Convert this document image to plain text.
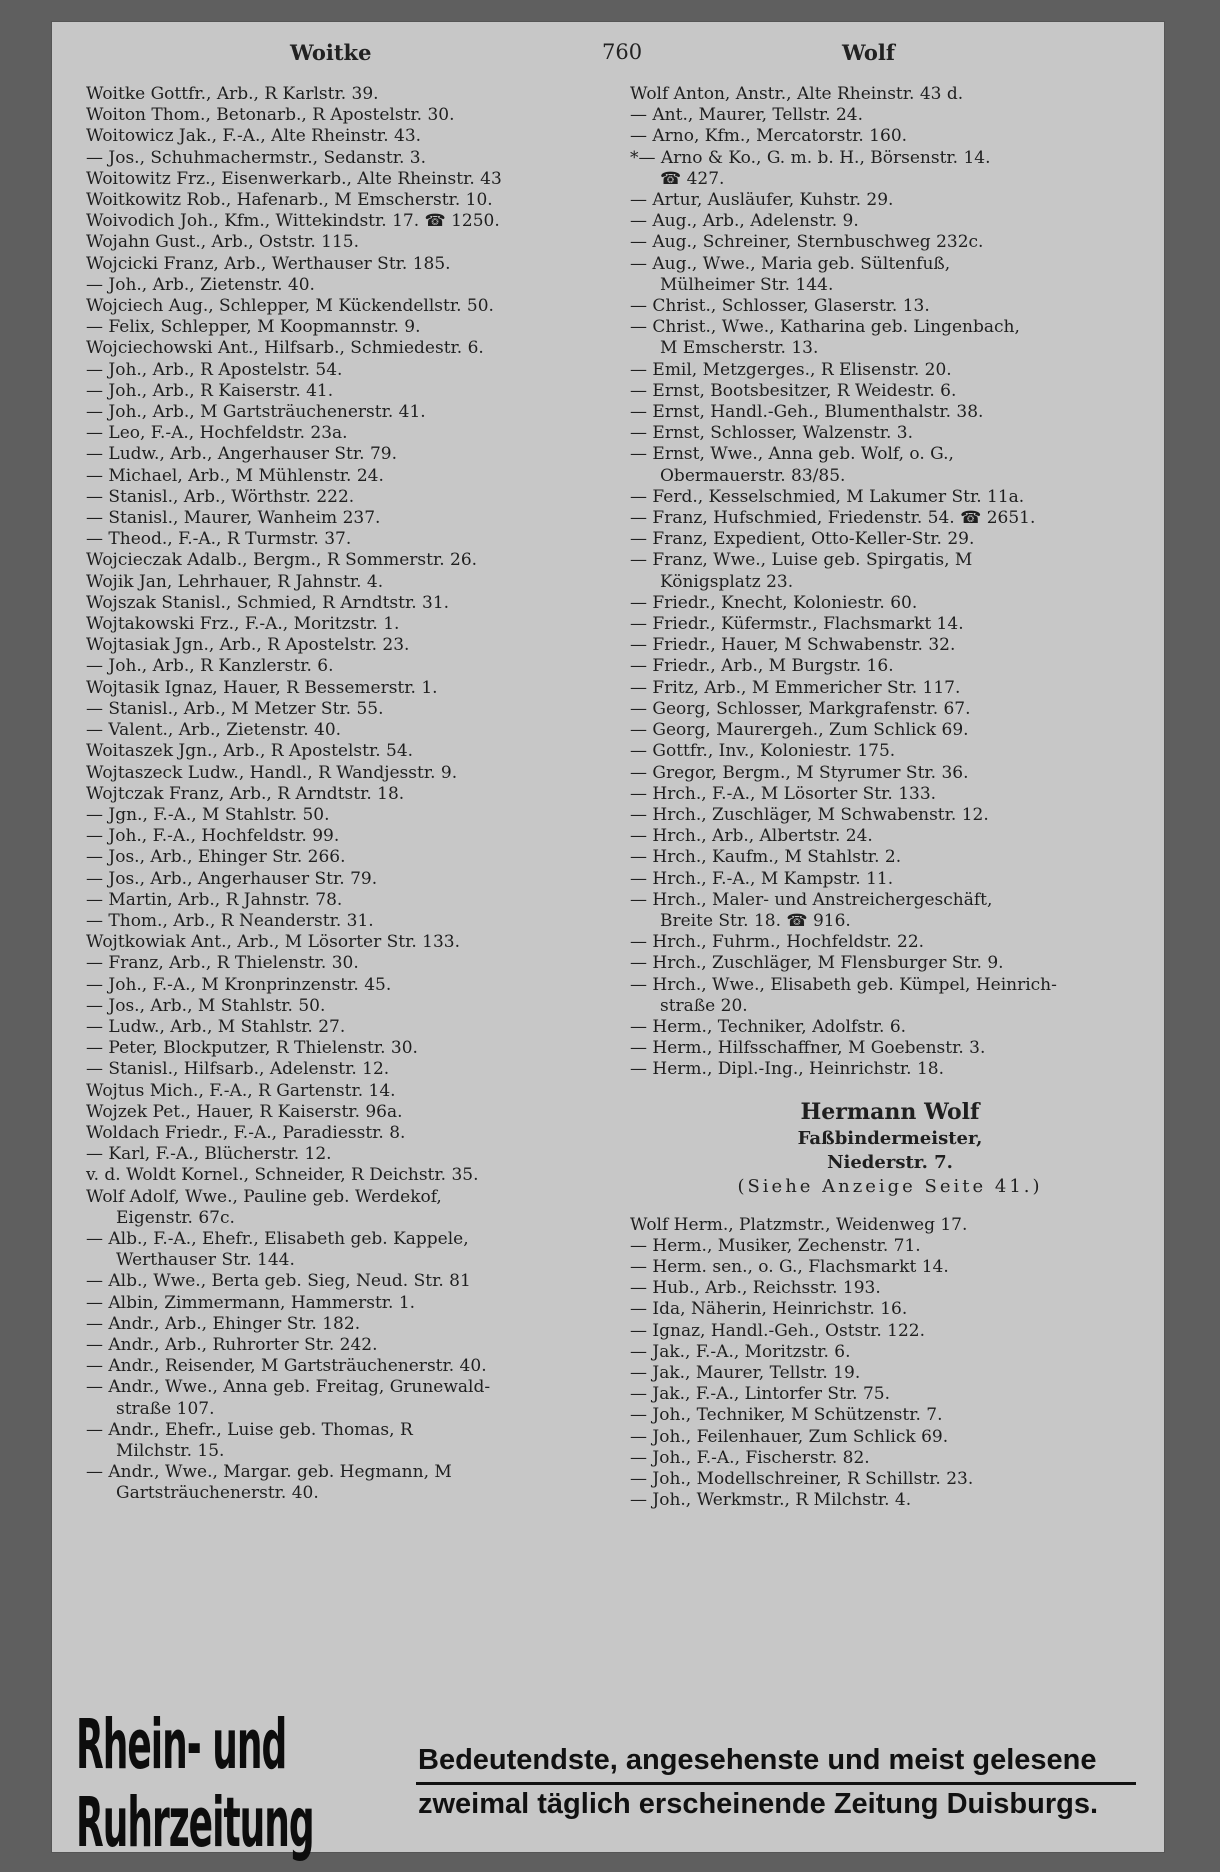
Woitke	760	Wolf
Woitke Gottfr., Arb., R Karlstr. 39.
Woiton Thom., Betonarb., R Apostelstr. 30.
Woitowicz Jak., F.-A., Alte Rheinstr. 43.
— Jos., Schuhmachermstr., Sedanstr. 3.
Woitowitz Frz., Eisenwerkarb., Alte Rheinstr. 43
Woitkowitz Rob., Hafenarb., M Emscherstr. 10.
Woivodich Joh., Kfm., Wittekindstr. 17. ☎ 1250.
Wojahn Gust., Arb., Oststr. 115.
Wojcicki Franz, Arb., Werthauser Str. 185.
— Joh., Arb., Zietenstr. 40.
Wojciech Aug., Schlepper, M Kückendellstr. 50.
— Felix, Schlepper, M Koopmannstr. 9.
Wojciechowski Ant., Hilfsarb., Schmiedestr. 6.
— Joh., Arb., R Apostelstr. 54.
— Joh., Arb., R Kaiserstr. 41.
— Joh., Arb., M Gartsträuchenerstr. 41.
— Leo, F.-A., Hochfeldstr. 23a.
— Ludw., Arb., Angerhauser Str. 79.
— Michael, Arb., M Mühlenstr. 24.
— Stanisl., Arb., Wörthstr. 222.
— Stanisl., Maurer, Wanheim 237.
— Theod., F.-A., R Turmstr. 37.
Wojcieczak Adalb., Bergm., R Sommerstr. 26.
Wojik Jan, Lehrhauer, R Jahnstr. 4.
Wojszak Stanisl., Schmied, R Arndtstr. 31.
Wojtakowski Frz., F.-A., Moritzstr. 1.
Wojtasiak Jgn., Arb., R Apostelstr. 23.
— Joh., Arb., R Kanzlerstr. 6.
Wojtasik Ignaz, Hauer, R Bessemerstr. 1.
— Stanisl., Arb., M Metzer Str. 55.
— Valent., Arb., Zietenstr. 40.
Woitaszek Jgn., Arb., R Apostelstr. 54.
Wojtaszeck Ludw., Handl., R Wandjesstr. 9.
Wojtczak Franz, Arb., R Arndtstr. 18.
— Jgn., F.-A., M Stahlstr. 50.
— Joh., F.-A., Hochfeldstr. 99.
— Jos., Arb., Ehinger Str. 266.
— Jos., Arb., Angerhauser Str. 79.
— Martin, Arb., R Jahnstr. 78.
— Thom., Arb., R Neanderstr. 31.
Wojtkowiak Ant., Arb., M Lösorter Str. 133.
— Franz, Arb., R Thielenstr. 30.
— Joh., F.-A., M Kronprinzenstr. 45.
— Jos., Arb., M Stahlstr. 50.
— Ludw., Arb., M Stahlstr. 27.
— Peter, Blockputzer, R Thielenstr. 30.
— Stanisl., Hilfsarb., Adelenstr. 12.
Wojtus Mich., F.-A., R Gartenstr. 14.
Wojzek Pet., Hauer, R Kaiserstr. 96a.
Woldach Friedr., F.-A., Paradiesstr. 8.
— Karl, F.-A., Blücherstr. 12.
v. d. Woldt Kornel., Schneider, R Deichstr. 35.
Wolf Adolf, Wwe., Pauline geb. Werdekof,
Eigenstr. 67c.
— Alb., F.-A., Ehefr., Elisabeth geb. Kappele,
Werthauser Str. 144.
— Alb., Wwe., Berta geb. Sieg, Neud. Str. 81
— Albin, Zimmermann, Hammerstr. 1.
— Andr., Arb., Ehinger Str. 182.
— Andr., Arb., Ruhrorter Str. 242.
— Andr., Reisender, M Gartsträuchenerstr. 40.
— Andr., Wwe., Anna geb. Freitag, Grunewald-
straße 107.
— Andr., Ehefr., Luise geb. Thomas, R
Milchstr. 15.
— Andr., Wwe., Margar. geb. Hegmann, M
Gartsträuchenerstr. 40.
Wolf Anton, Anstr., Alte Rheinstr. 43 d.
— Ant., Maurer, Tellstr. 24.
— Arno, Kfm., Mercatorstr. 160.
*— Arno & Ko., G. m. b. H., Börsenstr. 14.
☎ 427.
— Artur, Ausläufer, Kuhstr. 29.
— Aug., Arb., Adelenstr. 9.
— Aug., Schreiner, Sternbuschweg 232c.
— Aug., Wwe., Maria geb. Sültenfuß,
Mülheimer Str. 144.
— Christ., Schlosser, Glaserstr. 13.
— Christ., Wwe., Katharina geb. Lingenbach,
M Emscherstr. 13.
— Emil, Metzgerges., R Elisenstr. 20.
— Ernst, Bootsbesitzer, R Weidestr. 6.
— Ernst, Handl.-Geh., Blumenthalstr. 38.
— Ernst, Schlosser, Walzenstr. 3.
— Ernst, Wwe., Anna geb. Wolf, o. G.,
Obermauerstr. 83/85.
— Ferd., Kesselschmied, M Lakumer Str. 11a.
— Franz, Hufschmied, Friedenstr. 54. ☎ 2651.
— Franz, Expedient, Otto-Keller-Str. 29.
— Franz, Wwe., Luise geb. Spirgatis, M
Königsplatz 23.
— Friedr., Knecht, Koloniestr. 60.
— Friedr., Küfermstr., Flachsmarkt 14.
— Friedr., Hauer, M Schwabenstr. 32.
— Friedr., Arb., M Burgstr. 16.
— Fritz, Arb., M Emmericher Str. 117.
— Georg, Schlosser, Markgrafenstr. 67.
— Georg, Maurergeh., Zum Schlick 69.
— Gottfr., Inv., Koloniestr. 175.
— Gregor, Bergm., M Styrumer Str. 36.
— Hrch., F.-A., M Lösorter Str. 133.
— Hrch., Zuschläger, M Schwabenstr. 12.
— Hrch., Arb., Albertstr. 24.
— Hrch., Kaufm., M Stahlstr. 2.
— Hrch., F.-A., M Kampstr. 11.
— Hrch., Maler- und Anstreichergeschäft,
Breite Str. 18. ☎ 916.
— Hrch., Fuhrm., Hochfeldstr. 22.
— Hrch., Zuschläger, M Flensburger Str. 9.
— Hrch., Wwe., Elisabeth geb. Kümpel, Heinrich-
straße 20.
— Herm., Techniker, Adolfstr. 6.
— Herm., Hilfsschaffner, M Goebenstr. 3.
— Herm., Dipl.-Ing., Heinrichstr. 18.
Hermann Wolf
Faßbindermeister,
Niederstr. 7.
(Siehe Anzeige Seite 41.)
Wolf Herm., Platzmstr., Weidenweg 17.
— Herm., Musiker, Zechenstr. 71.
— Herm. sen., o. G., Flachsmarkt 14.
— Hub., Arb., Reichsstr. 193.
— Ida, Näherin, Heinrichstr. 16.
— Ignaz, Handl.-Geh., Oststr. 122.
— Jak., F.-A., Moritzstr. 6.
— Jak., Maurer, Tellstr. 19.
— Jak., F.-A., Lintorfer Str. 75.
— Joh., Techniker, M Schützenstr. 7.
— Joh., Feilenhauer, Zum Schlick 69.
— Joh., F.-A., Fischerstr. 82.
— Joh., Modellschreiner, R Schillstr. 23.
— Joh., Werkmstr., R Milchstr. 4.
Rhein- und Ruhrzeitung
Bedeutendste, angesehenste und meist gelesene
zweimal täglich erscheinende Zeitung Duisburgs.
